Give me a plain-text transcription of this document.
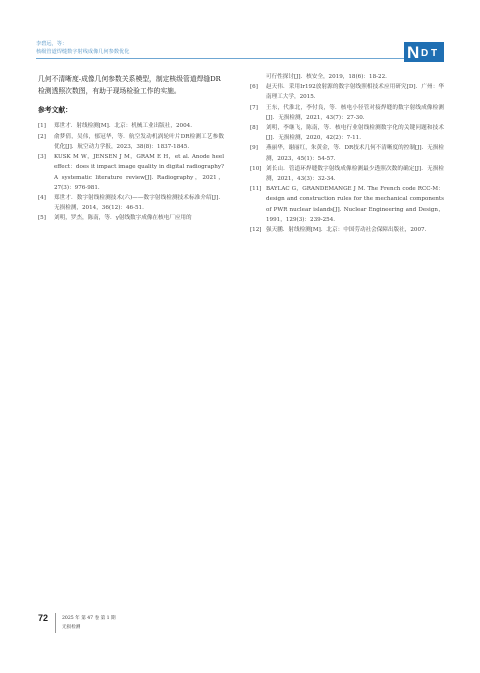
李碧远，等：
核级管道焊缝数字射线成像几何参数优化	N D T

几何不清晰度-成像几何参数关系模型，制定核级管道焊缝DR检测透照次数图，有助于现场检验工作的实施。

参考文献：
[1]	郑世才．射线检测[M]．北京：机械工业出版社，2004.
[2]	俞梦倩，吴伟，郁冠华，等．航空发动机涡轮叶片DR检测工艺参数优化[J]．航空动力学报，2023，38(8)：1837-1845.
[3]	KUSK M W，JENSEN J M，GRAM E H，et al. Anode heel effect：does it impact image quality in digital radiography? A systematic literature review[J]. Radiography，2021，27(3)：976-981.
[4]	郑世才．数字射线检测技术(六)——数字射线检测技术标准介绍[J]．无损检测，2014，36(12)：46-51.
[5]	刘明，罗杰，陈南，等．γ射线数字成像在核电厂应用的
可行性探讨[J]．核安全，2019，18(6)：18-22.
[6]	赵天伟．采用Ir192放射源的数字射线照相技术应用研究[D]．广州：华南理工大学，2015.
[7]	王东，代淮北，李付良，等．核电小径管对接焊缝的数字射线成像检测[J]．无损检测，2021，43(7)：27-30.
[8]	刘明，李继飞，陈南，等．核电行业射线检测数字化的关键问题和技术[J]．无损检测，2020，42(2)：7-11.
[9]	燕丽华，谢丽红，朱黄金，等．DR技术几何不清晰度的控制[J]．无损检测，2023，45(1)：54-57.
[10] 刘长山．管道环焊缝数字射线成像检测最少透照次数的确定[J]．无损检测，2021，43(3)：32-34.
[11] BAYLAC G，GRANDEMANGE J M. The French code RCC-M：design and construction rules for the mechanical components of PWR nuclear islands[J]. Nuclear Engineering and Design，1991，129(3)：239-254.
[12] 强天鹏．射线检测[M]．北京：中国劳动社会保障出版社，2007.
72	2025 年 第 47 卷 第 1 期
无损检测
